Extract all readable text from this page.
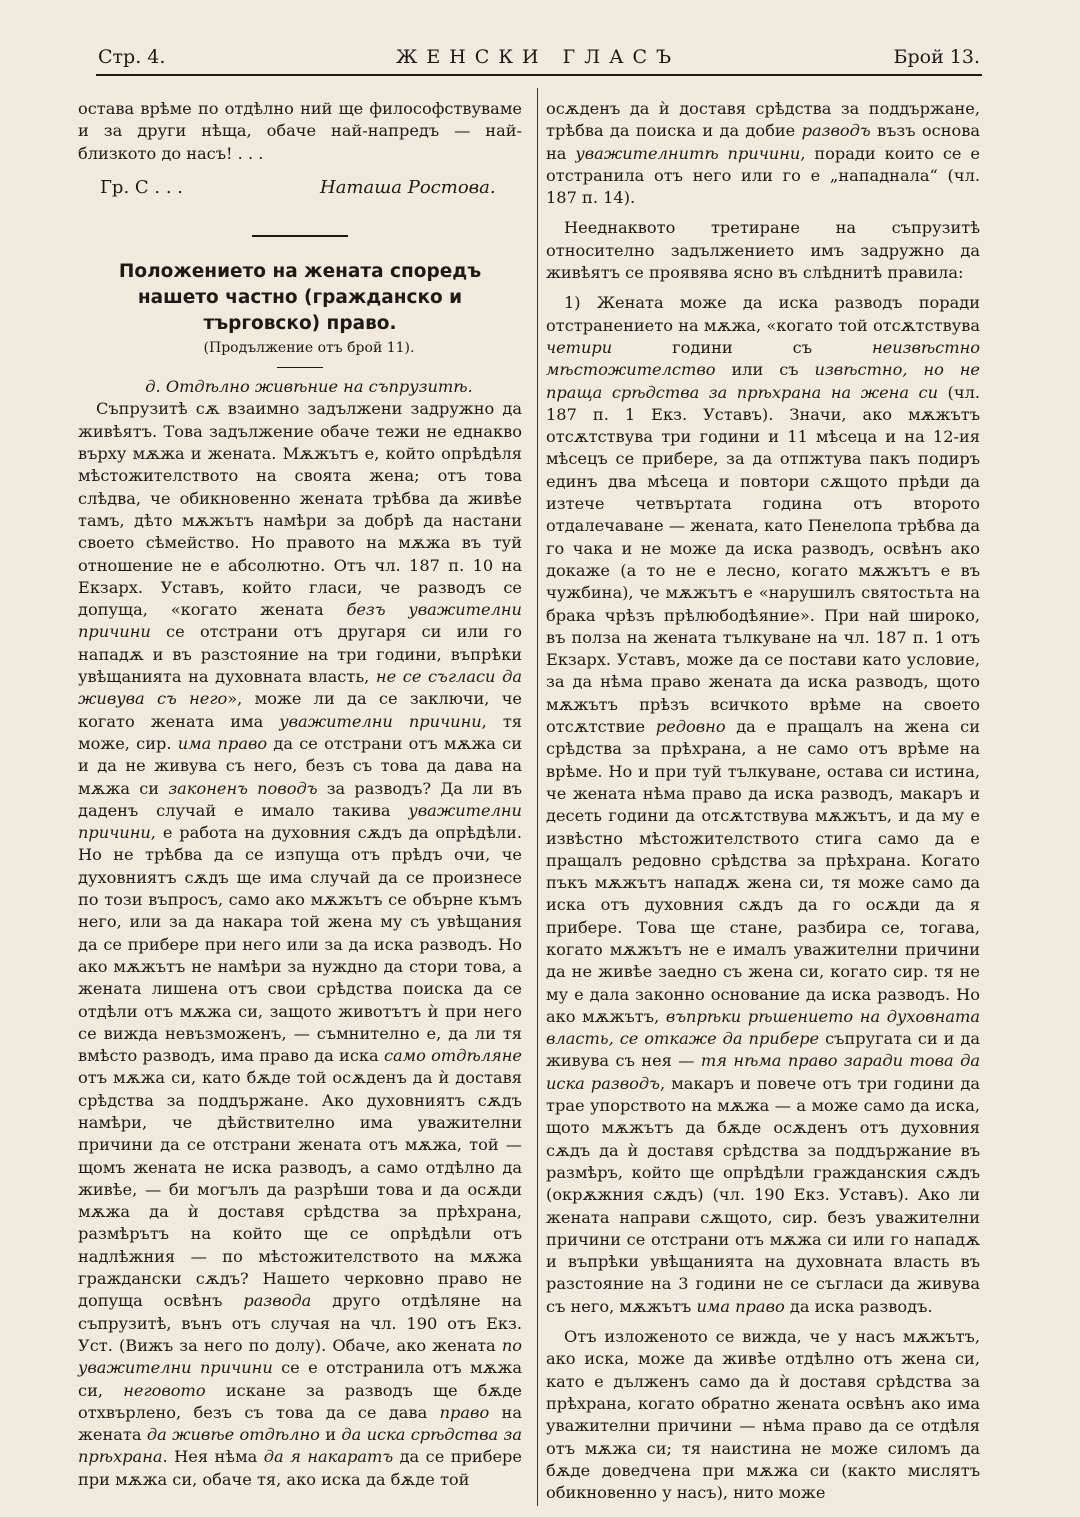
Стр. 4.	ЖЕНСКИ ГЛАСЪ	Брой 13.

остава врѣме по отдѣлно ний ще философствуваме и за други нѣща, обаче най-напредъ — най-близкото до насъ! . . .

Гр. С . . .	Наташа Ростова.
Положението на жената споредъ нашето частно (гражданско и търговско) право.

(Продължение отъ брой 11).

д. Отдѣлно живѣние на съпрузитѣ.

Съпрузитѣ сѫ взаимно задължени задружно да живѣятъ. Това задължение обаче тежи не еднакво върху мѫжа и жената. Мѫжътъ е, който опрѣдѣля мѣстожителството на своята жена; отъ това слѣдва, че обикновенно жената трѣбва да живѣе тамъ, дѣто мѫжътъ намѣри за добрѣ да настани своето сѣмейство. Но правото на мѫжа въ туй отношение не е абсолютно. Отъ чл. 187 п. 10 на Екзарх. Уставъ, който гласи, че разводъ се допуща, «когато жената безъ уважителни причини се отстрани отъ другаря си или го нападѫ и въ разстояние на три години, въпрѣки увѣщанията на духовната власть, не се съгласи да живува съ него», може ли да се заключи, че когато жената има уважителни причини, тя може, сир. има право да се отстрани отъ мѫжа си и да не живува съ него, безъ съ това да дава на мѫжа си законенъ поводъ за разводъ? Да ли въ даденъ случай е имало такива уважителни причини, е работа на духовния сѫдъ да опрѣдѣли. Но не трѣбва да се изпуща отъ прѣдъ очи, че духовниятъ сѫдъ ще има случай да се произнесе по този въпросъ, само ако мѫжътъ се обърне къмъ него, или за да накара той жена му съ увѣщания да се прибере при него или за да иска разводъ. Но ако мѫжътъ не намѣри за нуждно да стори това, а жената лишена отъ свои срѣдства поиска да се отдѣли отъ мѫжа си, защото животътъ ѝ при него се вижда невъзможенъ, — съмнително е, да ли тя вмѣсто разводъ, има право да иска само отдѣляне отъ мѫжа си, като бѫде той осѫденъ да ѝ доставя срѣдства за поддържане. Ако духовниятъ сѫдъ намѣри, че дѣйствително има уважителни причини да се отстрани жената отъ мѫжа, той — щомъ жената не иска разводъ, а само отдѣлно да живѣе, — би могълъ да разрѣши това и да осѫди мѫжа да ѝ доставя срѣдства за прѣхрана, размѣрътъ на който ще се опрѣдѣли отъ надлѣжния — по мѣстожителството на мѫжа граждански сѫдъ? Нашето черковно право не допуща освѣнъ развода друго отдѣляне на съпрузитѣ, вънъ отъ случая на чл. 190 отъ Екз. Уст. (Вижъ за него по долу). Обаче, ако жената по уважителни причини се е отстранила отъ мѫжа си, неговото искане за разводъ ще бѫде отхвърлено, безъ съ това да се дава право на жената да живѣе отдѣлно и да иска срѣдства за прѣхрана. Нея нѣма да я накаратъ да се прибере при мѫжа си, обаче тя, ако иска да бѫде той

осѫденъ да ѝ доставя срѣдства за поддържане, трѣбва да поиска и да добие разводъ възъ основа на уважителнитѣ причини, поради които се е отстранила отъ него или го е „нападнала“ (чл. 187 п. 14).

Нееднаквото третиране на съпрузитѣ относително задължението имъ задружно да живѣятъ се проявява ясно въ слѣднитѣ правила:

1) Жената може да иска разводъ поради отстранението на мѫжа, «когато той отсѫтствува четири години съ неизвѣстно мѣстожителство или съ извѣстно, но не праща срѣдства за прѣхрана на жена си (чл. 187 п. 1 Екз. Уставъ). Значи, ако мѫжътъ отсѫтствува три години и 11 мѣсеца и на 12-ия мѣсецъ се прибере, за да отпжтува пакъ подиръ единъ два мѣсеца и повтори сѫщото прѣди да изтече четвъртата година отъ второто отдалечаване — жената, като Пенелопа трѣбва да го чака и не може да иска разводъ, освѣнъ ако докаже (а то не е лесно, когато мѫжътъ е въ чужбина), че мѫжътъ е «нарушилъ святостьта на брака чрѣзъ прѣлюбодѣяние». При най широко, въ полза на жената тълкуване на чл. 187 п. 1 отъ Екзарх. Уставъ, може да се постави като условие, за да нѣма право жената да иска разводъ, щото мѫжътъ прѣзъ всичкото врѣме на своето отсѫтствие редовно да е пращалъ на жена си срѣдства за прѣхрана, а не само отъ врѣме на врѣме. Но и при туй тълкуване, остава си истина, че жената нѣма право да иска разводъ, макаръ и десеть години да отсѫтствува мѫжътъ, и да му е извѣстно мѣстожителството стига само да е пращалъ редовно срѣдства за прѣхрана. Когато пъкъ мѫжътъ нападѫ жена си, тя може само да иска отъ духовния сѫдъ да го осѫди да я прибере. Това ще стане, разбира се, тогава, когато мѫжътъ не е ималъ уважителни причини да не живѣе заедно съ жена си, когато сир. тя не му е дала законно основание да иска разводъ. Но ако мѫжътъ, въпрѣки рѣшението на духовната власть, се откаже да прибере съпругата си и да живува съ нея — тя нѣма право заради това да иска разводъ, макаръ и повече отъ три години да трае упорството на мѫжа — а може само да иска, щото мѫжътъ да бѫде осѫденъ отъ духовния сѫдъ да ѝ доставя срѣдства за поддържание въ размѣръ, който ще опрѣдѣли гражданския сѫдъ (окрѫжния сѫдъ) (чл. 190 Екз. Уставъ). Ако ли жената направи сѫщото, сир. безъ уважителни причини се отстрани отъ мѫжа си или го нападѫ и въпрѣки увѣщанията на духовната власть въ разстояние на 3 години не се съгласи да живува съ него, мѫжътъ има право да иска разводъ.

Отъ изложеното се вижда, че у насъ мѫжътъ, ако иска, може да живѣе отдѣлно отъ жена си, като е дълженъ само да ѝ доставя срѣдства за прѣхрана, когато обратно жената освѣнъ ако има уважителни причини — нѣма право да се отдѣля отъ мѫжа си; тя наистина не може силомъ да бѫде доведчена при мѫжа си (както мислятъ обикновенно у насъ), нито може
